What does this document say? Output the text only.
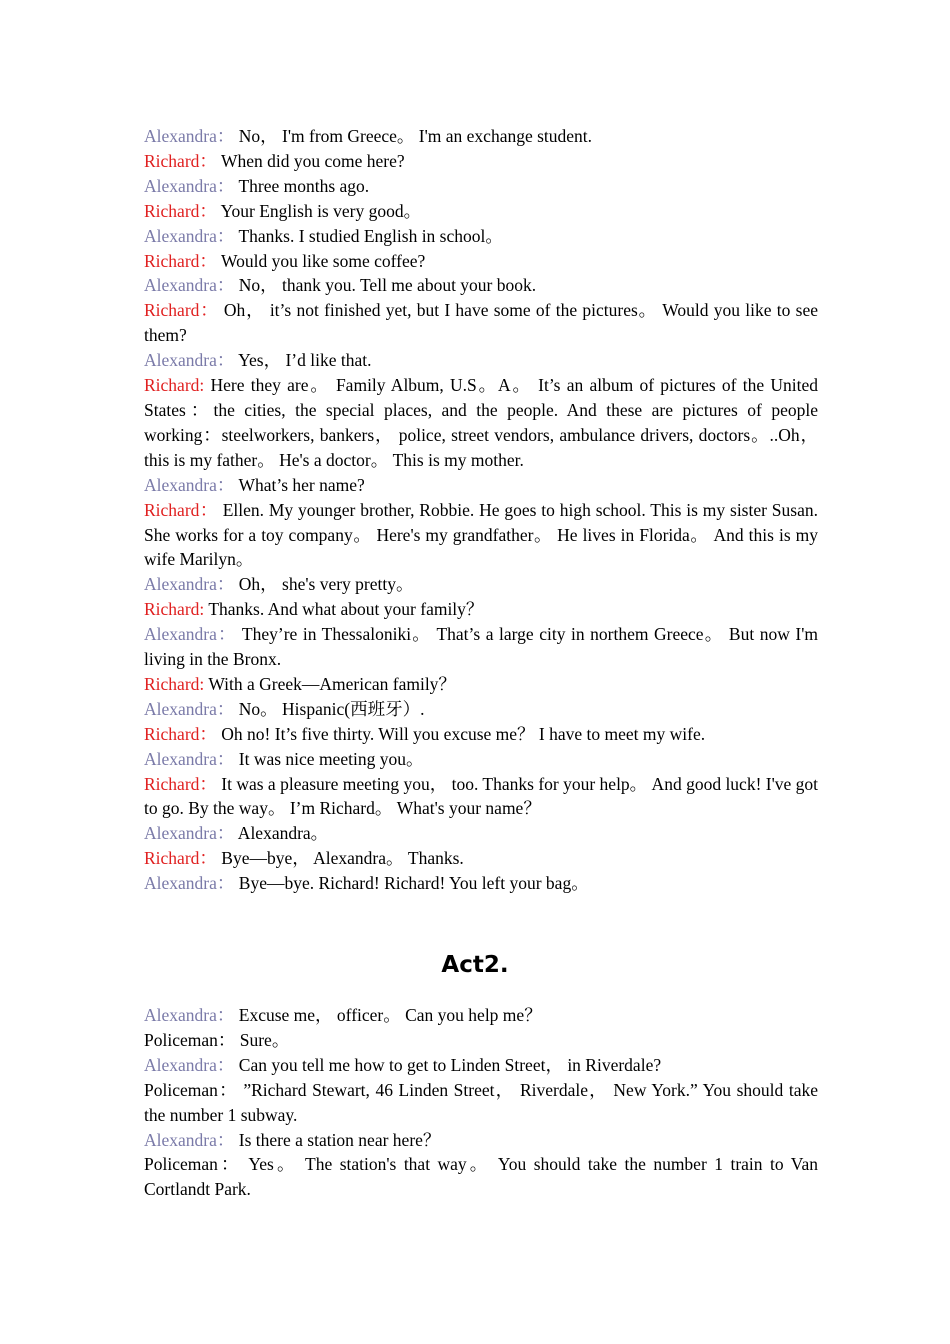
Alexandra： No， I'm from Greece。 I'm an exchange student.

Richard： When did you come here?

Alexandra： Three months ago.

Richard： Your English is very good。

Alexandra： Thanks. I studied English in school。

Richard： Would you like some coffee?

Alexandra： No， thank you. Tell me about your book.

Richard： Oh， it’s not finished yet, but I have some of the pictures。 Would you like to see them?

Alexandra： Yes， I’d like that.

Richard: Here they are。 Family Album, U.S。A。 It’s an album of pictures of the United States：the cities, the special places, and the people. And these are pictures of people working：steelworkers, bankers， police, street vendors, ambulance drivers, doctors。..Oh， this is my father。 He's a doctor。 This is my mother.

Alexandra： What’s her name?

Richard： Ellen. My younger brother, Robbie. He goes to high school. This is my sister Susan. She works for a toy company。 Here's my grandfather。 He lives in Florida。 And this is my wife Marilyn。

Alexandra： Oh， she's very pretty。

Richard: Thanks. And what about your family？

Alexandra： They’re in Thessaloniki。 That’s a large city in northem Greece。 But now I'm living in the Bronx.

Richard: With a Greek—American family？

Alexandra： No。 Hispanic(西班牙）.

Richard： Oh no! It’s five thirty. Will you excuse me？ I have to meet my wife.

Alexandra： It was nice meeting you。

Richard： It was a pleasure meeting you， too. Thanks for your help。 And good luck! I've got to go. By the way。 I’m Richard。 What's your name？

Alexandra： Alexandra。

Richard： Bye—bye， Alexandra。 Thanks.

Alexandra： Bye—bye. Richard! Richard! You left your bag。

Act2.

Alexandra： Excuse me， officer。 Can you help me？

Policeman： Sure。

Alexandra： Can you tell me how to get to Linden Street， in Riverdale?

Policeman： ”Richard Stewart, 46 Linden Street， Riverdale， New York.” You should take the number 1 subway.

Alexandra： Is there a station near here？

Policeman： Yes。 The station's that way。 You should take the number 1 train to Van Cortlandt Park.
